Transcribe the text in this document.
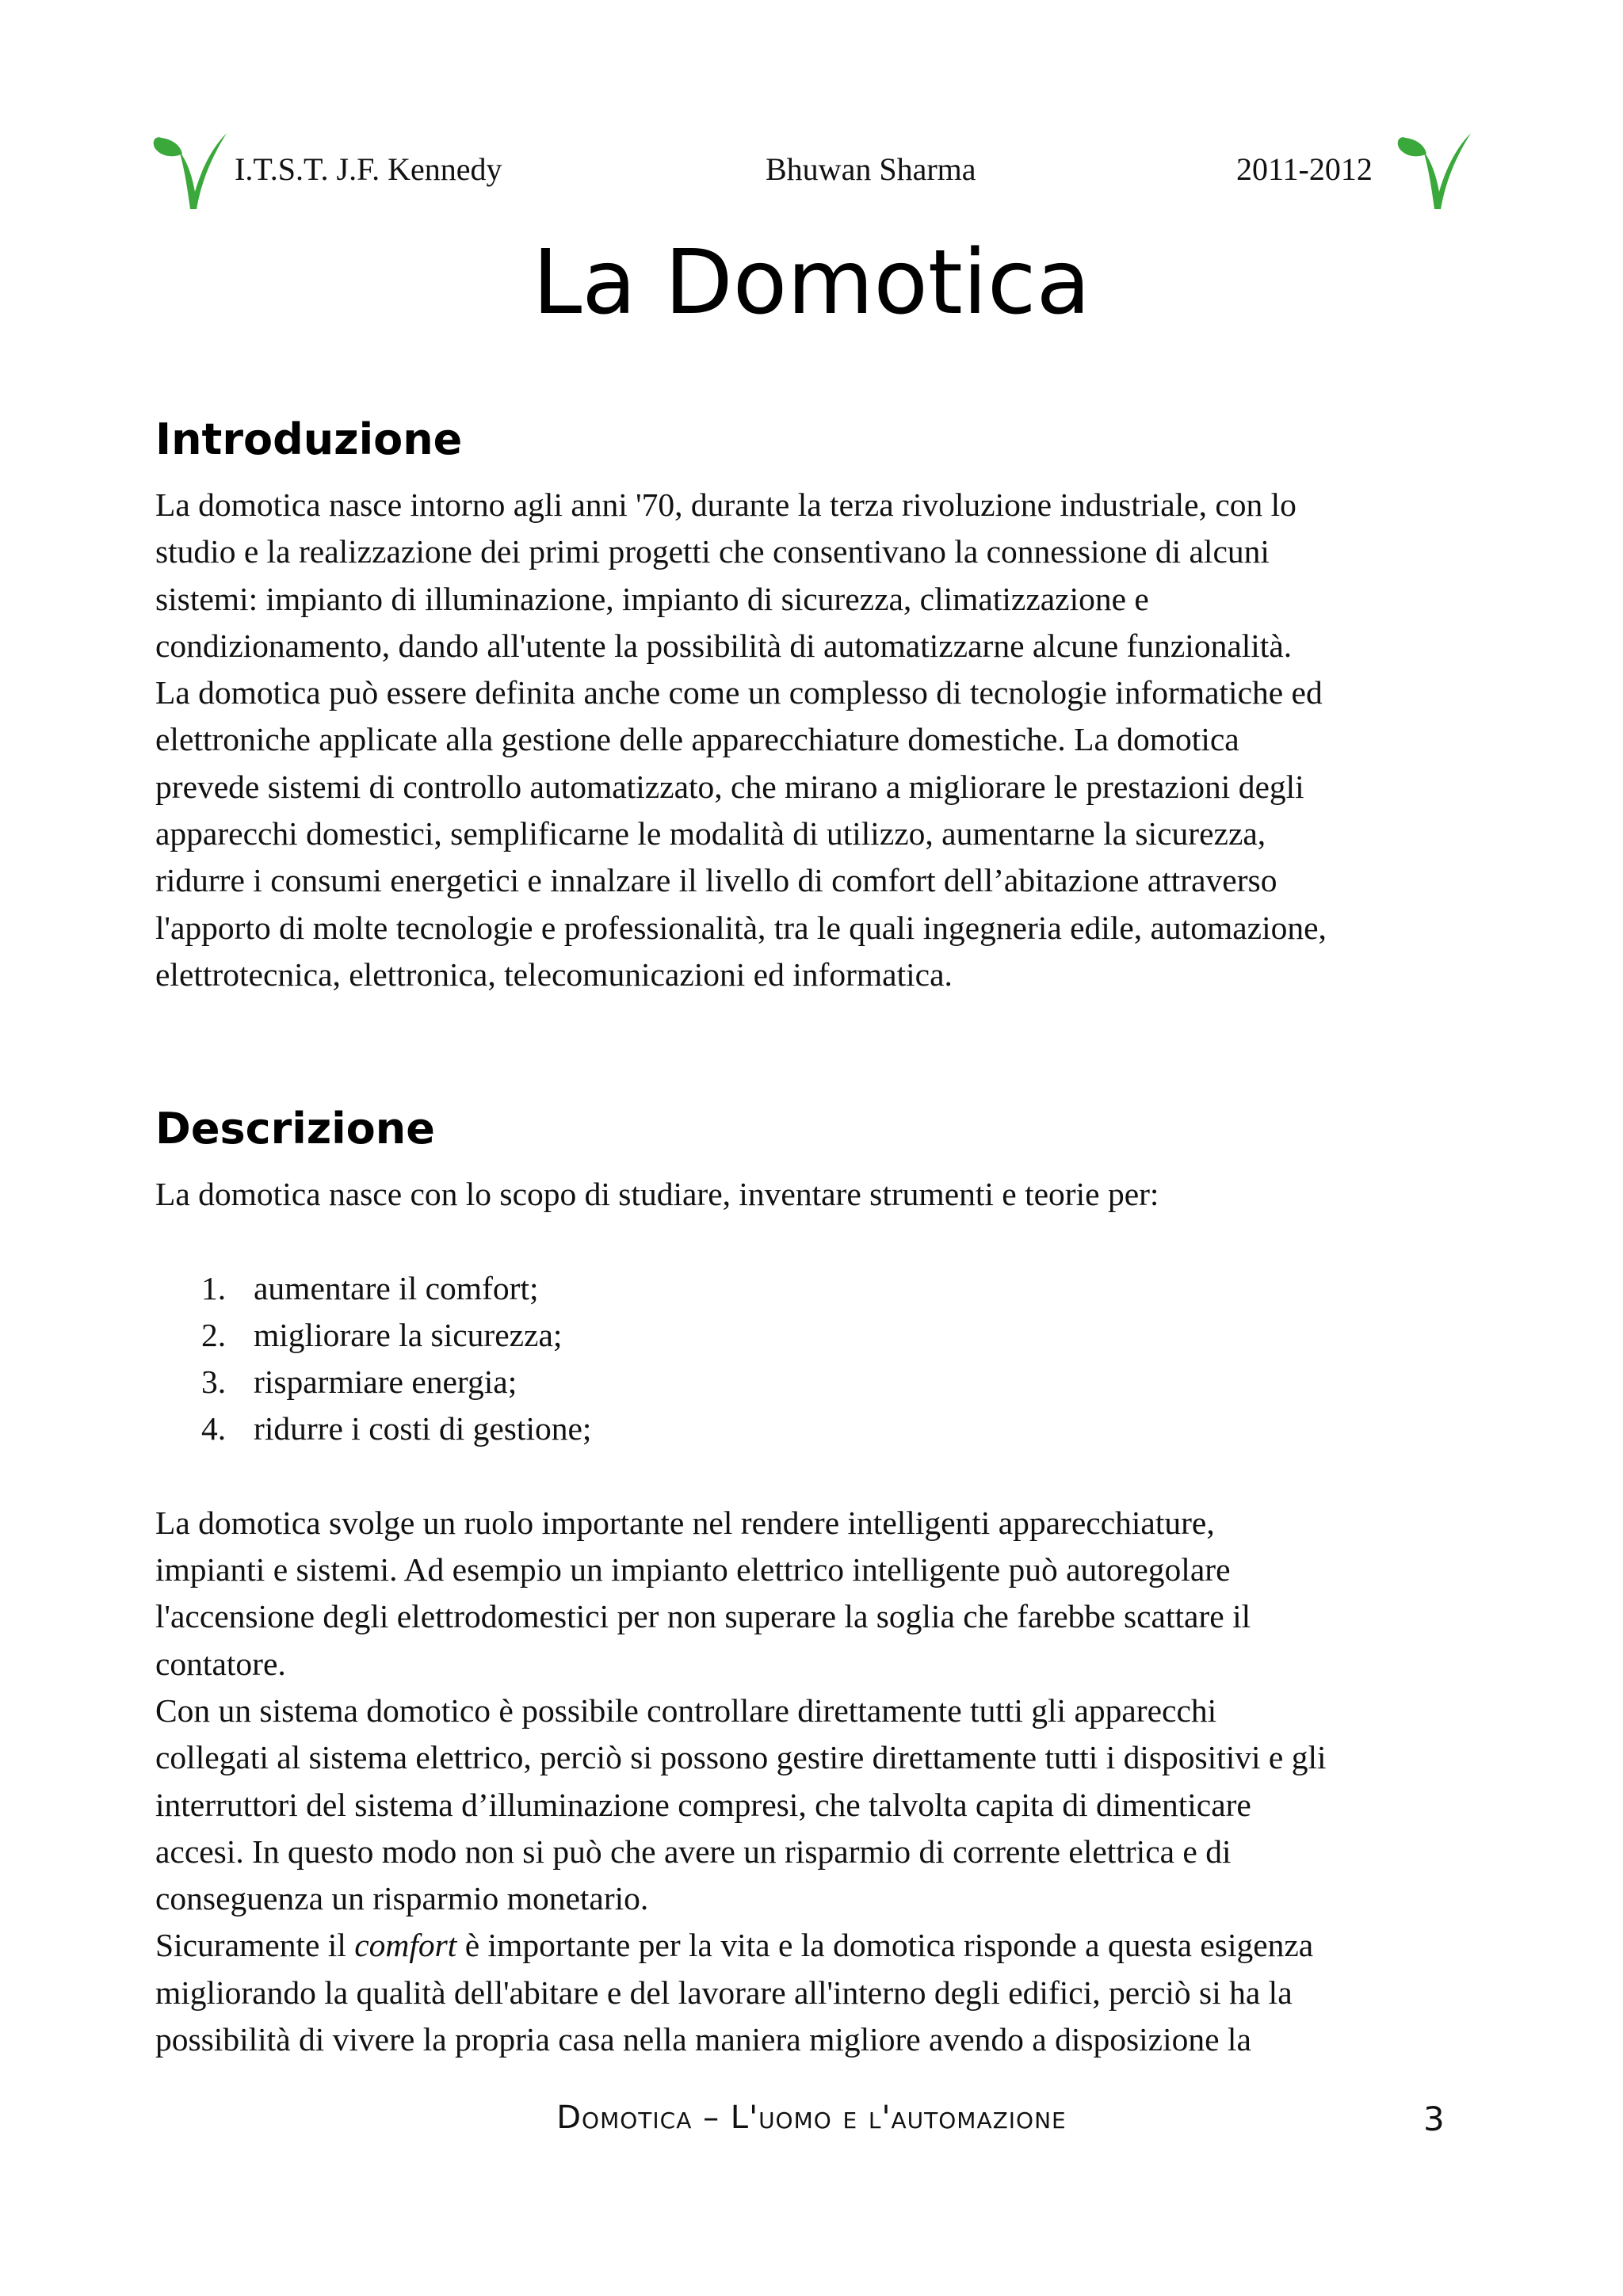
I.T.S.T. J.F. Kennedy	Bhuwan Sharma	2011-2012
La Domotica
Introduzione
La domotica nasce intorno agli anni '70, durante la terza rivoluzione industriale, con lo
studio e la realizzazione dei primi progetti che consentivano la connessione di alcuni
sistemi: impianto di illuminazione, impianto di sicurezza, climatizzazione e
condizionamento, dando all'utente la possibilità di automatizzarne alcune funzionalità.
La domotica può essere definita anche come un complesso di tecnologie informatiche ed
elettroniche applicate alla gestione delle apparecchiature domestiche. La domotica
prevede sistemi di controllo automatizzato, che mirano a migliorare le prestazioni degli
apparecchi domestici, semplificarne le modalità di utilizzo, aumentarne la sicurezza,
ridurre i consumi energetici e innalzare il livello di comfort dell’abitazione attraverso
l'apporto di molte tecnologie e professionalità, tra le quali ingegneria edile, automazione,
elettrotecnica, elettronica, telecomunicazioni ed informatica.
Descrizione
La domotica nasce con lo scopo di studiare, inventare strumenti e teorie per:
1. aumentare il comfort;
2. migliorare la sicurezza;
3. risparmiare energia;
4. ridurre i costi di gestione;
La domotica svolge un ruolo importante nel rendere intelligenti apparecchiature,
impianti e sistemi. Ad esempio un impianto elettrico intelligente può autoregolare
l'accensione degli elettrodomestici per non superare la soglia che farebbe scattare il
contatore.
Con un sistema domotico è possibile controllare direttamente tutti gli apparecchi
collegati al sistema elettrico, perciò si possono gestire direttamente tutti i dispositivi e gli
interruttori del sistema d’illuminazione compresi, che talvolta capita di dimenticare
accesi. In questo modo non si può che avere un risparmio di corrente elettrica e di
conseguenza un risparmio monetario.
Sicuramente il comfort è importante per la vita e la domotica risponde a questa esigenza
migliorando la qualità dell'abitare e del lavorare all'interno degli edifici, perciò si ha la
possibilità di vivere la propria casa nella maniera migliore avendo a disposizione la
Domotica – L'uomo e l'automazione	3
